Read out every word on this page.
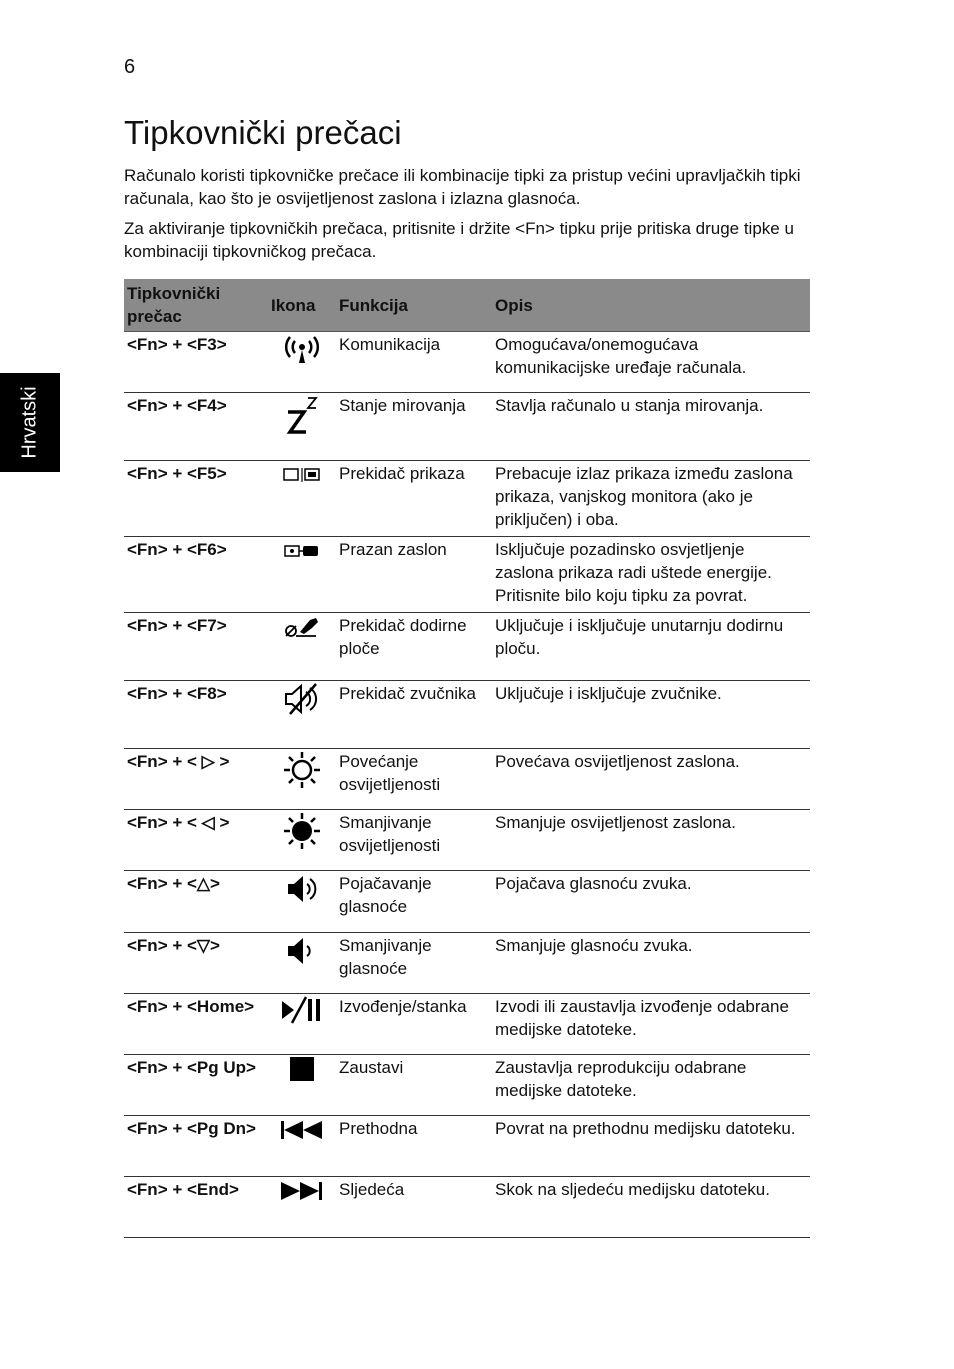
6
Hrvatski
Tipkovnički prečaci

Računalo koristi tipkovničke prečace ili kombinacije tipki za pristup većini upravljačkih tipki računala, kao što je osvijetljenost zaslona i izlazna glasnoća.

Za aktiviranje tipkovničkih prečaca, pritisnite i držite <Fn> tipku prije pritiska druge tipke u kombinaciji tipkovničkog prečaca.

Tipkovnički prečac	Ikona	Funkcija	Opis
<Fn> + <F3>		Komunikacija	Omogućava/onemogućava komunikacijske uređaje računala.
<Fn> + <F4>		Stanje mirovanja	Stavlja računalo u stanja mirovanja.
<Fn> + <F5>		Prekidač prikaza	Prebacuje izlaz prikaza između zaslona prikaza, vanjskog monitora (ako je priključen) i oba.
<Fn> + <F6>		Prazan zaslon	Isključuje pozadinsko osvjetljenje zaslona prikaza radi uštede energije. Pritisnite bilo koju tipku za povrat.
<Fn> + <F7>		Prekidač dodirne ploče	Uključuje i isključuje unutarnju dodirnu ploču.
<Fn> + <F8>		Prekidač zvučnika	Uključuje i isključuje zvučnike.
<Fn> + < ▷ >		Povećanje osvijetljenosti	Povećava osvijetljenost zaslona.
<Fn> + < ◁ >		Smanjivanje osvijetljenosti	Smanjuje osvijetljenost zaslona.
<Fn> + <△>		Pojačavanje glasnoće	Pojačava glasnoću zvuka.
<Fn> + <▽>		Smanjivanje glasnoće	Smanjuje glasnoću zvuka.
<Fn> + <Home>		Izvođenje/stanka	Izvodi ili zaustavlja izvođenje odabrane medijske datoteke.
<Fn> + <Pg Up>		Zaustavi	Zaustavlja reprodukciju odabrane medijske datoteke.
<Fn> + <Pg Dn>		Prethodna	Povrat na prethodnu medijsku datoteku.
<Fn> + <End>		Sljedeća	Skok na sljedeću medijsku datoteku.
